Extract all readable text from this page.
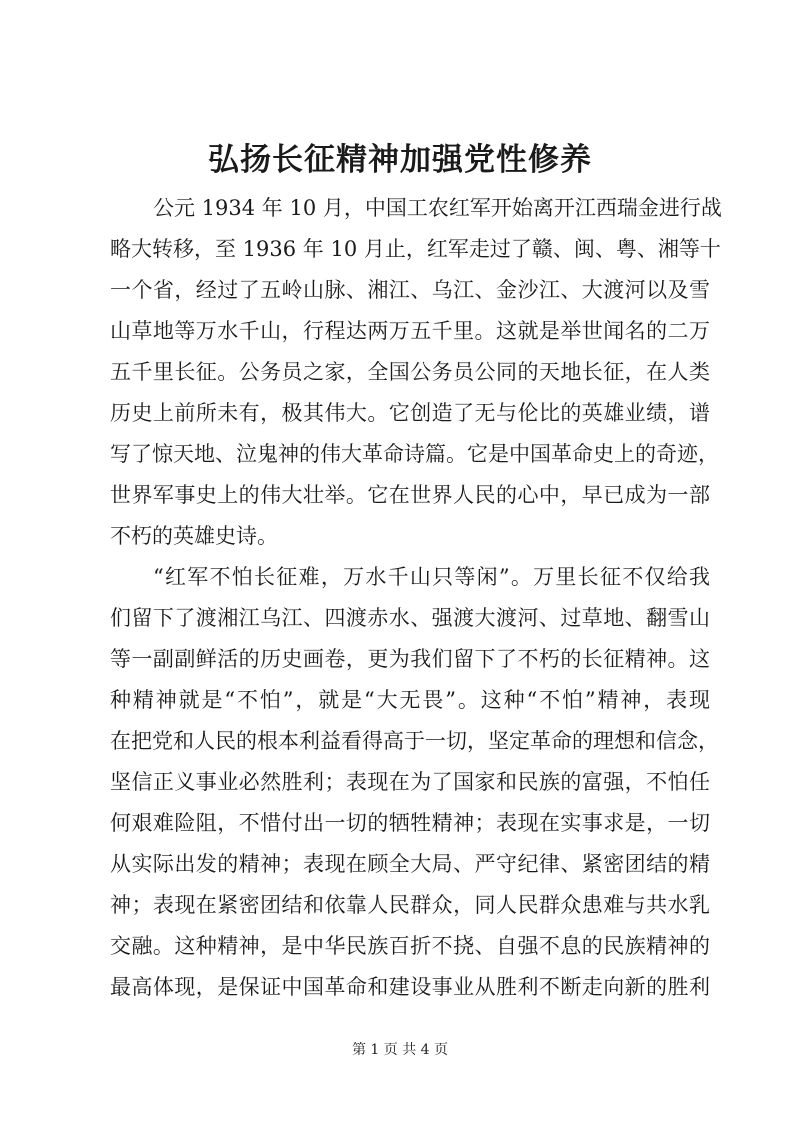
弘扬长征精神加强党性修养
公元 1934 年 10 月，中国工农红军开始离开江西瑞金进行战
略大转移，至 1936 年 10 月止，红军走过了赣、闽、粤、湘等十
一个省，经过了五岭山脉、湘江、乌江、金沙江、大渡河以及雪
山草地等万水千山，行程达两万五千里。这就是举世闻名的二万
五千里长征。公务员之家，全国公务员公同的天地长征，在人类
历史上前所未有，极其伟大。它创造了无与伦比的英雄业绩，谱
写了惊天地、泣鬼神的伟大革命诗篇。它是中国革命史上的奇迹，
世界军事史上的伟大壮举。它在世界人民的心中，早已成为一部
不朽的英雄史诗。
“红军不怕长征难，万水千山只等闲”。万里长征不仅给我
们留下了渡湘江乌江、四渡赤水、强渡大渡河、过草地、翻雪山
等一副副鲜活的历史画卷，更为我们留下了不朽的长征精神。这
种精神就是“不怕”，就是“大无畏”。这种“不怕”精神，表现
在把党和人民的根本利益看得高于一切，坚定革命的理想和信念，
坚信正义事业必然胜利；表现在为了国家和民族的富强，不怕任
何艰难险阻，不惜付出一切的牺牲精神；表现在实事求是，一切
从实际出发的精神；表现在顾全大局、严守纪律、紧密团结的精
神；表现在紧密团结和依靠人民群众，同人民群众患难与共水乳
交融。这种精神，是中华民族百折不挠、自强不息的民族精神的
最高体现，是保证中国革命和建设事业从胜利不断走向新的胜利
第 1 页 共 4 页
